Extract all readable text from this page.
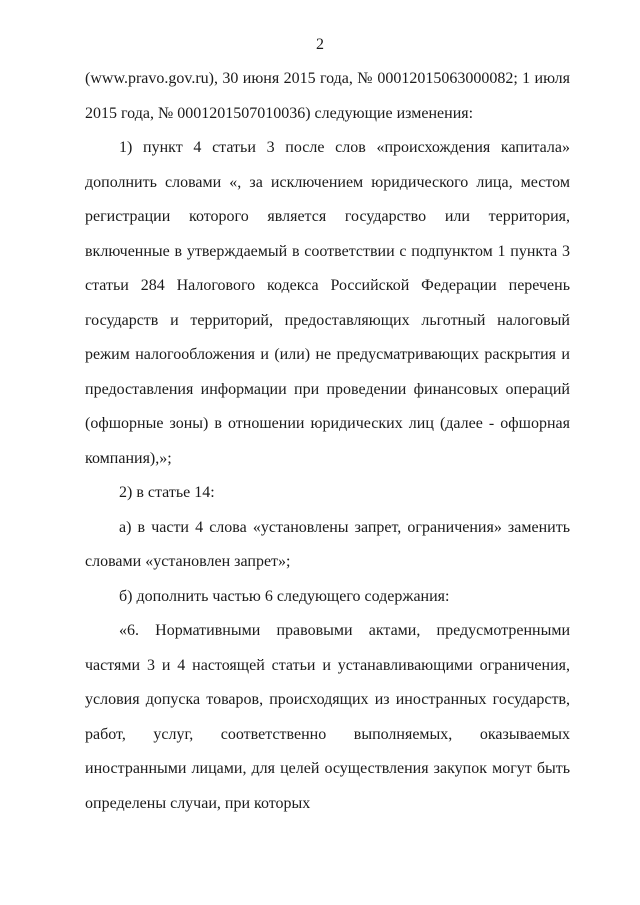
2

(www.pravo.gov.ru), 30 июня 2015 года, № 00012015063000082; 1 июля 2015 года, № 0001201507010036) следующие изменения:

1) пункт 4 статьи 3 после слов «происхождения капитала» дополнить словами «, за исключением юридического лица, местом регистрации которого является государство или территория, включенные в утверждаемый в соответствии с подпунктом 1 пункта 3 статьи 284 Налогового кодекса Российской Федерации перечень государств и территорий, предоставляющих льготный налоговый режим налогообложения и (или) не предусматривающих раскрытия и предоставления информации при проведении финансовых операций (офшорные зоны) в отношении юридических лиц (далее - офшорная компания),»;

2) в статье 14:

а) в части 4 слова «установлены запрет, ограничения» заменить словами «установлен запрет»;

б) дополнить частью 6 следующего содержания:

«6. Нормативными правовыми актами, предусмотренными частями 3 и 4 настоящей статьи и устанавливающими ограничения, условия допуска товаров, происходящих из иностранных государств, работ, услуг, соответственно выполняемых, оказываемых иностранными лицами, для целей осуществления закупок могут быть определены случаи, при которых
